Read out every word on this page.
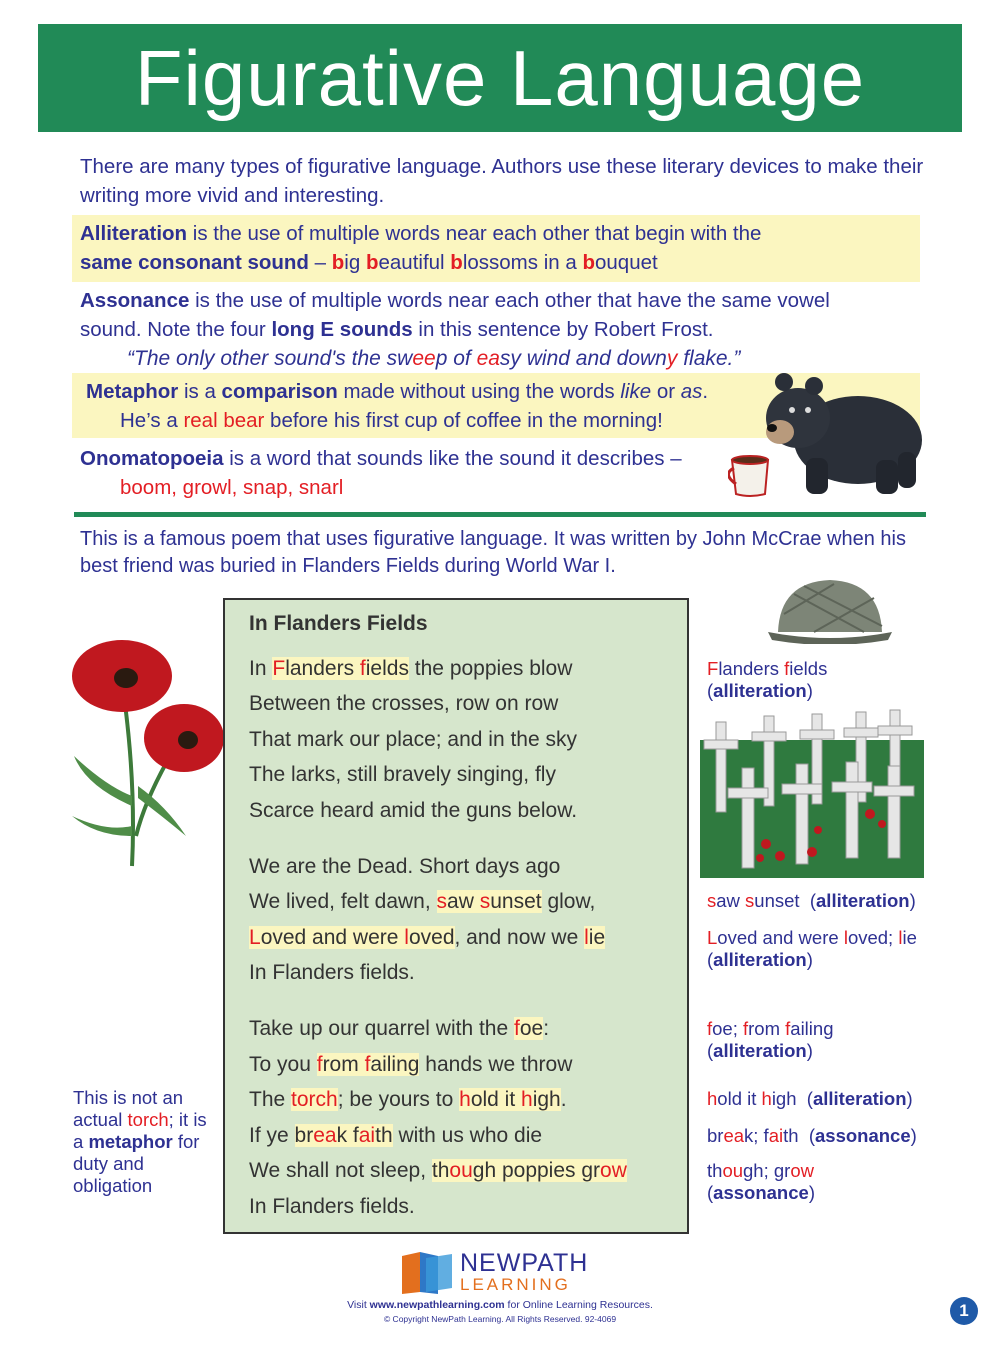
Figurative Language
There are many types of figurative language. Authors use these literary devices to make their writing more vivid and interesting.
Alliteration is the use of multiple words near each other that begin with the
same consonant sound – big beautiful blossoms in a bouquet
Assonance is the use of multiple words near each other that have the same vowel
sound. Note the four long E sounds in this sentence by Robert Frost.
“The only other sound's the sweep of easy wind and downy flake.”
Metaphor is a comparison made without using the words like or as.
He’s a real bear before his first cup of coffee in the morning!
Onomatopoeia is a word that sounds like the sound it describes –
boom, growl, snap, snarl
This is a famous poem that uses figurative language. It was written by John McCrae when his best friend was buried in Flanders Fields during World War I.
In Flanders Fields
In Flanders fields the poppies blow
Between the crosses, row on row
That mark our place; and in the sky
The larks, still bravely singing, fly
Scarce heard amid the guns below.
We are the Dead. Short days ago
We lived, felt dawn, saw sunset glow,
Loved and were loved, and now we lie
In Flanders fields.
Take up our quarrel with the foe:
To you from failing hands we throw
The torch; be yours to hold it high.
If ye break faith with us who die
We shall not sleep, though poppies grow
In Flanders fields.
Flanders fields
(alliteration)
saw sunset  (alliteration)
Loved and were loved; lie
(alliteration)
foe; from failing
(alliteration)
hold it high  (alliteration)
break; faith  (assonance)
though; grow
(assonance)
This is not an actual torch; it is a metaphor for duty and obligation
NEWPATH
LEARNING
Visit www.newpathlearning.com for Online Learning Resources.
© Copyright NewPath Learning. All Rights Reserved. 92-4069	1
